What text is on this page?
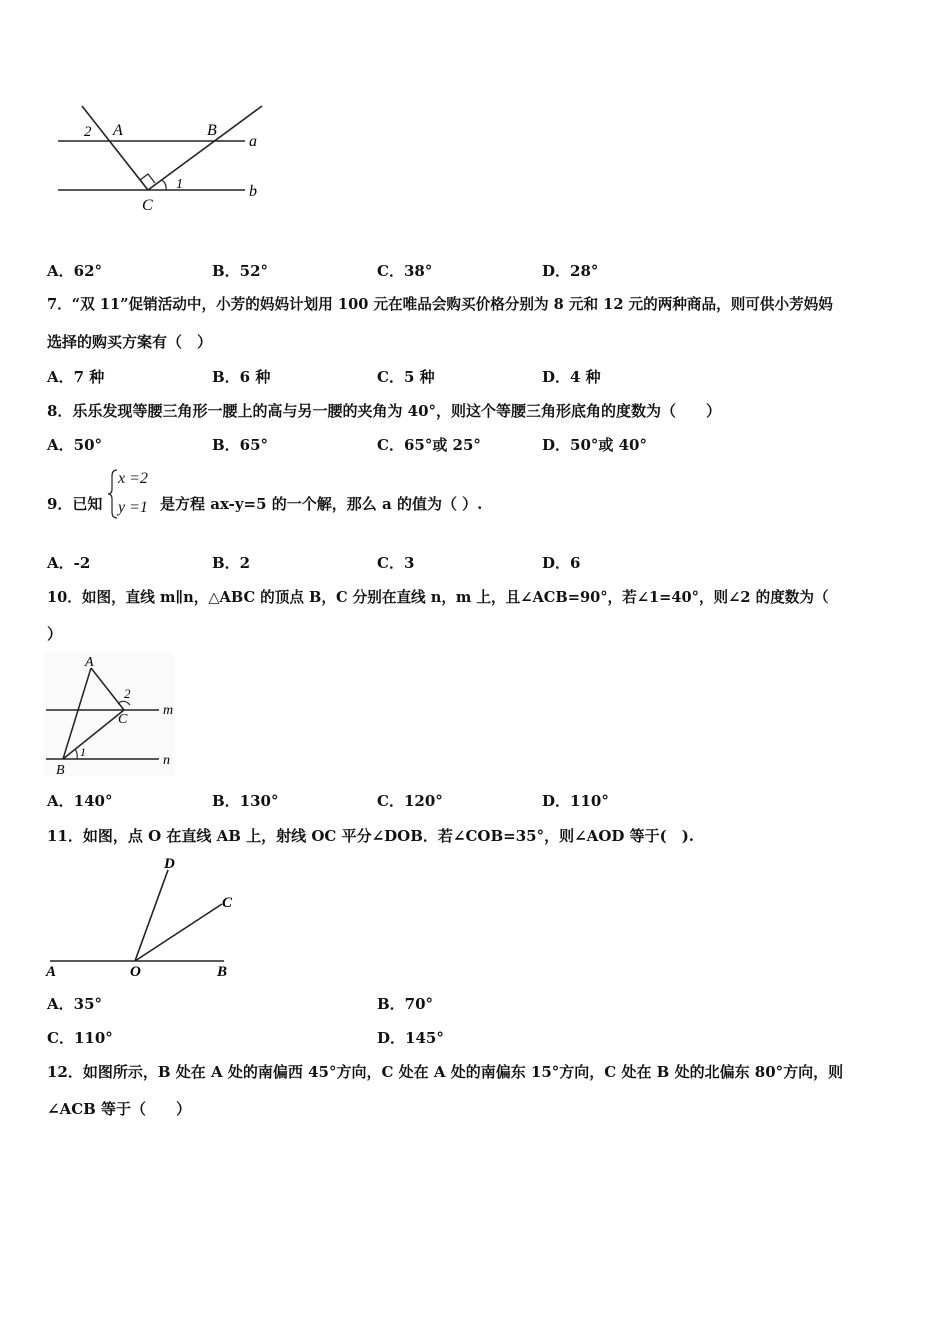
2 A	B
a
b
C
1
A．62°	B．52°	C．38°	D．28°
7．“双 11”促销活动中，小芳的妈妈计划用 100 元在唯品会购买价格分别为 8 元和 12 元的两种商品，则可供小芳妈妈
选择的购买方案有（　）
A．7 种	B．6 种	C．5 种	D．4 种
8．乐乐发现等腰三角形一腰上的高与另一腰的夹角为 40°，则这个等腰三角形底角的度数为（　　）
A．50°	B．65°	C．65°或 25°	D．50°或 40°
9．已知
x =2
y =1 是方程 ax-y=5 的一个解，那么 a 的值为（ ）.
A．-2	B．2	C．3	D．6
10．如图，直线 m∥n，△ABC 的顶点 B，C 分别在直线 n，m 上，且∠ACB=90°，若∠1=40°，则∠2 的度数为（
）
A
2
C
m
1
B
n
A．140°	B．130°	C．120°	D．110°
11．如图，点 O 在直线 AB 上，射线 OC 平分∠DOB．若∠COB=35°，则∠AOD 等于(　).
D
C
A	O	B
A．35°	B．70°
C．110°	D．145°
12．如图所示，B 处在 A 处的南偏西 45°方向，C 处在 A 处的南偏东 15°方向，C 处在 B 处的北偏东 80°方向，则
∠ACB 等于（　　）
